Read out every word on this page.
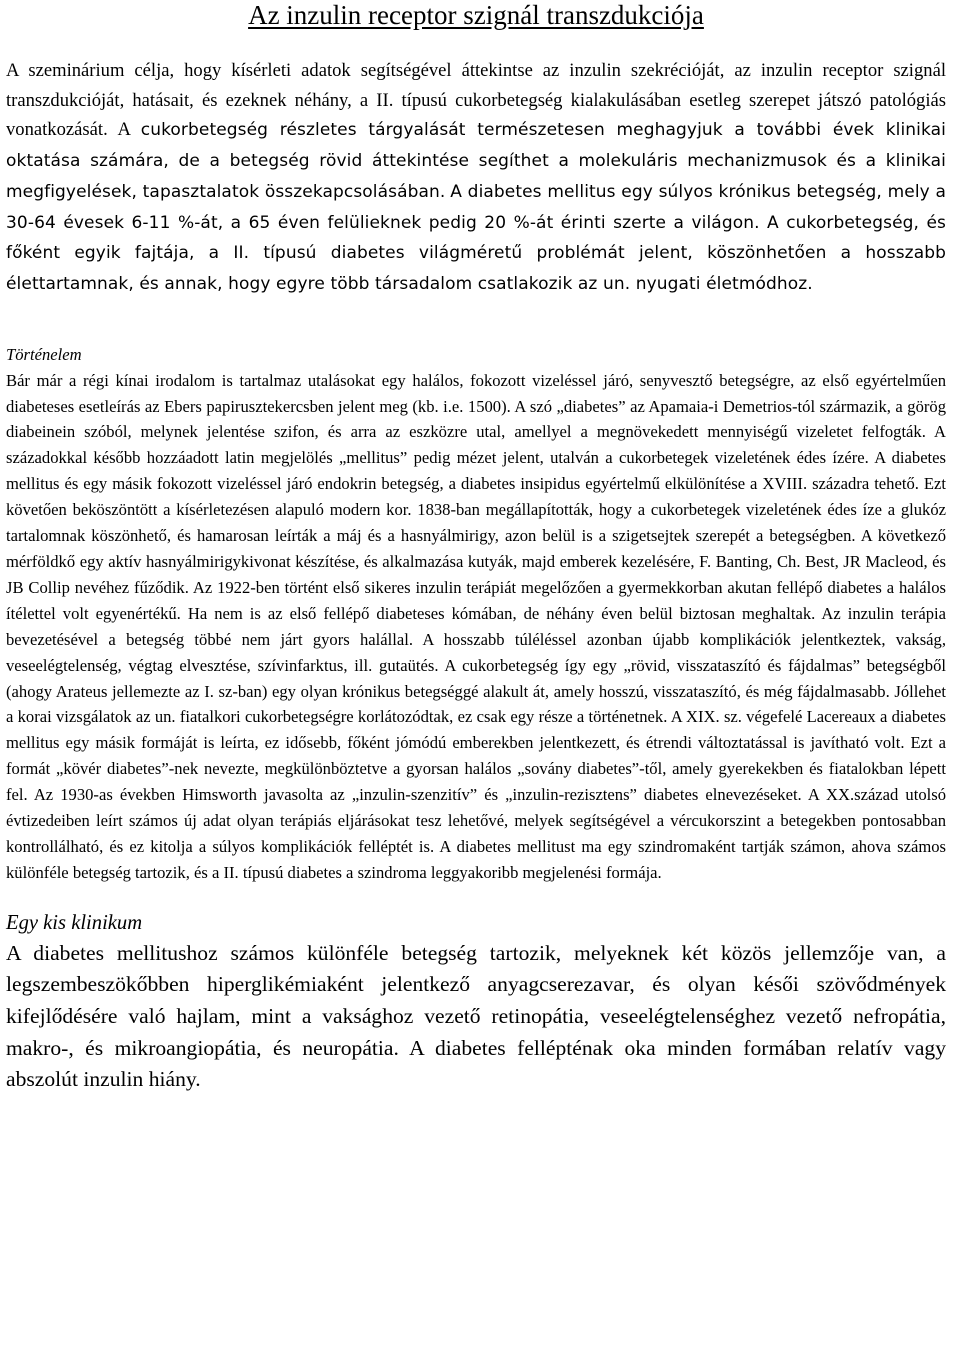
Az inzulin receptor szignál transzdukciója

A szeminárium célja, hogy kísérleti adatok segítségével áttekintse az inzulin szekrécióját, az inzulin receptor szignál transzdukcióját, hatásait, és ezeknek néhány, a II. típusú cukorbetegség kialakulásában esetleg szerepet játszó patológiás vonatkozását. A cukorbetegség részletes tárgyalását természetesen meghagyjuk a további évek klinikai oktatása számára, de a betegség rövid áttekintése segíthet a molekuláris mechanizmusok és a klinikai megfigyelések, tapasztalatok összekapcsolásában. A diabetes mellitus egy súlyos krónikus betegség, mely a 30-64 évesek 6-11 %-át, a 65 éven felülieknek pedig 20 %-át érinti szerte a világon. A cukorbetegség, és főként egyik fajtája, a II. típusú diabetes világméretű problémát jelent, köszönhetően a hosszabb élettartamnak, és annak, hogy egyre több társadalom csatlakozik az un. nyugati életmódhoz.

Történelem

Bár már a régi kínai irodalom is tartalmaz utalásokat egy halálos, fokozott vizeléssel járó, senyvesztő betegségre, az első egyértelműen diabeteses esetleírás az Ebers papirusztekercsben jelent meg (kb. i.e. 1500). A szó „diabetes” az Apamaia-i Demetrios-tól származik, a görög diabeinein szóból, melynek jelentése szifon, és arra az eszközre utal, amellyel a megnövekedett mennyiségű vizeletet felfogták. A századokkal később hozzáadott latin megjelölés „mellitus” pedig mézet jelent, utalván a cukorbetegek vizeletének édes ízére. A diabetes mellitus és egy másik fokozott vizeléssel járó endokrin betegség, a diabetes insipidus egyértelmű elkülönítése a XVIII. századra tehető. Ezt követően beköszöntött a kísérletezésen alapuló modern kor. 1838-ban megállapították, hogy a cukorbetegek vizeletének édes íze a glukóz tartalomnak köszönhető, és hamarosan leírták a máj és a hasnyálmirigy, azon belül is a szigetsejtek szerepét a betegségben. A következő mérföldkő egy aktív hasnyálmirigykivonat készítése, és alkalmazása kutyák, majd emberek kezelésére, F. Banting, Ch. Best, JR Macleod, és JB Collip nevéhez fűződik. Az 1922-ben történt első sikeres inzulin terápiát megelőzően a gyermekkorban akutan fellépő diabetes a halálos ítélettel volt egyenértékű. Ha nem is az első fellépő diabeteses kómában, de néhány éven belül biztosan meghaltak. Az inzulin terápia bevezetésével a betegség többé nem járt gyors halállal. A hosszabb túléléssel azonban újabb komplikációk jelentkeztek, vakság, veseelégtelenség, végtag elvesztése, szívinfarktus, ill. gutaütés. A cukorbetegség így egy „rövid, visszataszító és fájdalmas” betegségből (ahogy Arateus jellemezte az I. sz-ban) egy olyan krónikus betegséggé alakult át, amely hosszú, visszataszító, és még fájdalmasabb. Jóllehet a korai vizsgálatok az un. fiatalkori cukorbetegségre korlátozódtak, ez csak egy része a történetnek. A XIX. sz. végefelé Lacereaux a diabetes mellitus egy másik formáját is leírta, ez idősebb, főként jómódú emberekben jelentkezett, és étrendi változtatással is javítható volt. Ezt a formát „kövér diabetes”-nek nevezte, megkülönböztetve a gyorsan halálos „sovány diabetes”-től, amely gyerekekben és fiatalokban lépett fel. Az 1930-as években Himsworth javasolta az „inzulin-szenzitív” és „inzulin-rezisztens” diabetes elnevezéseket. A XX.század utolsó évtizedeiben leírt számos új adat olyan terápiás eljárásokat tesz lehetővé, melyek segítségével a vércukorszint a betegekben pontosabban kontrollálható, és ez kitolja a súlyos komplikációk felléptét is. A diabetes mellitust ma egy szindromaként tartják számon, ahova számos különféle betegség tartozik, és a II. típusú diabetes a szindroma leggyakoribb megjelenési formája.

Egy kis klinikum

A diabetes mellitushoz számos különféle betegség tartozik, melyeknek két közös jellemzője van, a legszembeszökőbben hiperglikémiaként jelentkező anyagcserezavar, és olyan késői szövődmények kifejlődésére való hajlam, mint a vaksághoz vezető retinopátia, veseelégtelenséghez vezető nefropátia, makro-, és mikroangiopátia, és neuropátia. A diabetes fellépténak oka minden formában relatív vagy abszolút inzulin hiány.
